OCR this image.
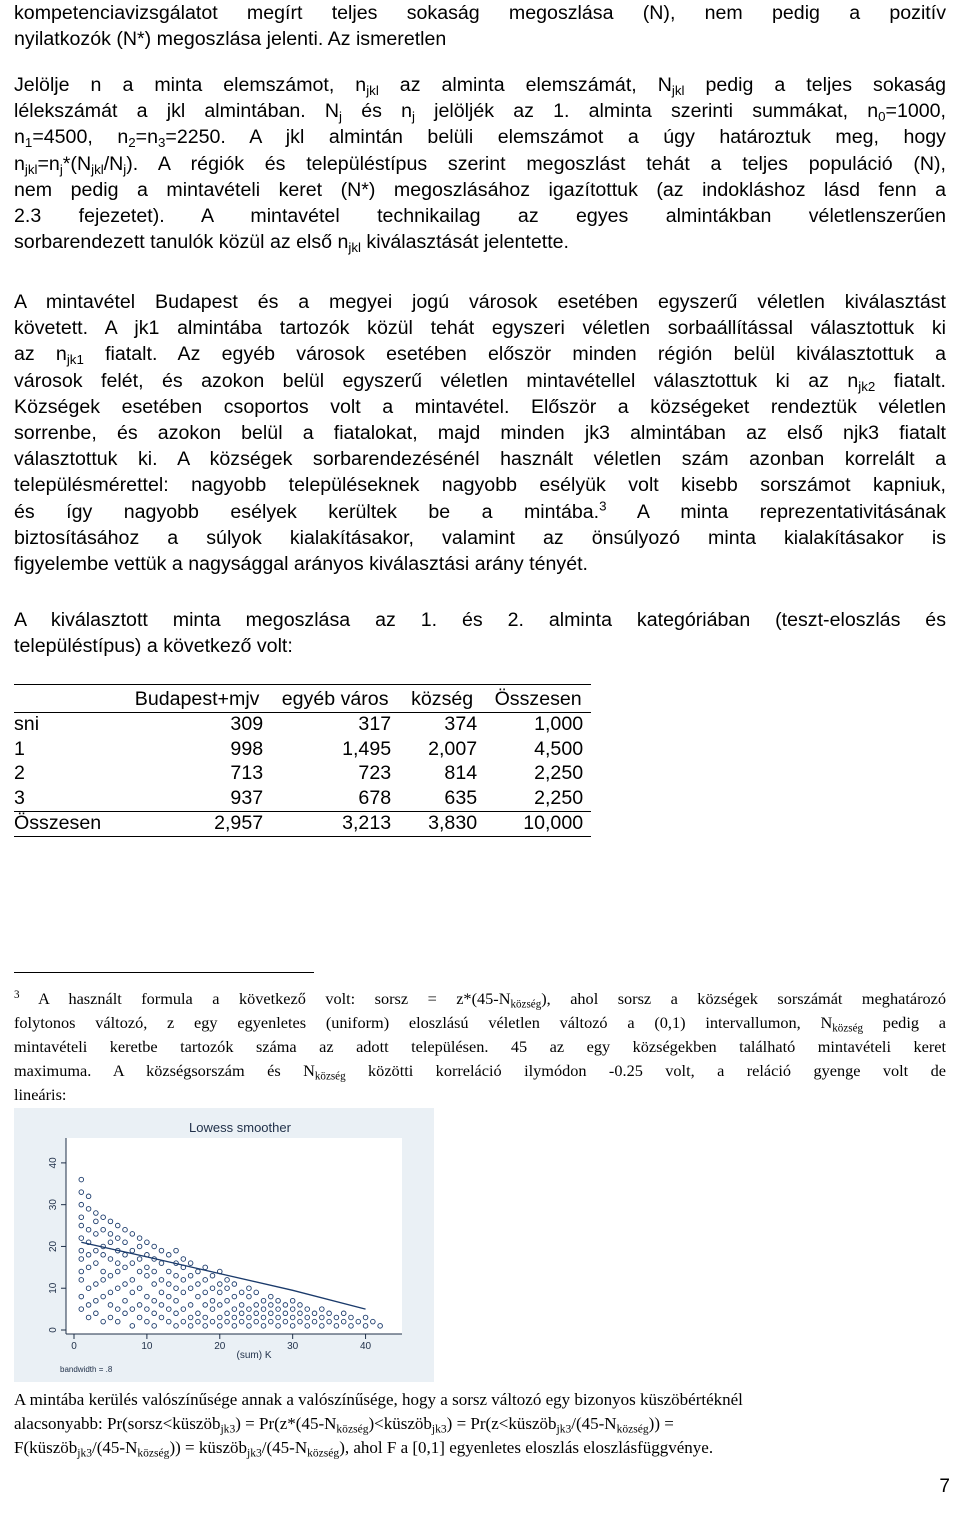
kompetenciavizsgálatot megírt teljes sokaság megoszlása (N), nem pedig a pozitív
nyilatkozók (N*) megoszlása jelenti. Az ismeretlen
Jelölje n a minta elemszámot, $n_{jkl}$ az alminta elemszámát, $N_{jkl}$ pedig a teljes sokaság
lélekszámát a jkl almintában. $N_j$ és $n_j$ jelöljék az 1. alminta szerinti summákat, $n_0=1000$,
$n_1=4500$, $n_2=n_3=2250$. A jkl almintán belüli elemszámot a úgy határoztuk meg, hogy
$n_{jkl}=n_j*(N_{jkl}/N_j)$. A régiók és településtípus szerint megoszlást tehát a teljes populáció (N),
nem pedig a mintavételi keret (N*) megoszlásához igazítottuk (az indokláshoz lásd fenn a
2.3 fejezetet). A mintavétel technikailag az egyes almintákban véletlenszerűen
sorbarendezett tanulók közül az első $n_{jkl}$ kiválasztását jelentette.
A mintavétel Budapest és a megyei jogú városok esetében egyszerű véletlen kiválasztást
követett. A jk1 almintába tartozók közül tehát egyszeri véletlen sorbaállítással választottuk ki
az $n_{jk1}$ fiatalt. Az egyéb városok esetében először minden régión belül kiválasztottuk a
városok felét, és azokon belül egyszerű véletlen mintavétellel választottuk ki az $n_{jk2}$ fiatalt.
Községek esetében csoportos volt a mintavétel. Először a községeket rendeztük véletlen
sorrenbe, és azokon belül a fiatalokat, majd minden jk3 almintában az első njk3 fiatalt
választottuk ki. A községek sorbarendezésénél használt véletlen szám azonban korrelált a
településmérettel: nagyobb településeknek nagyobb esélyük volt kisebb sorszámot kapniuk,
és így nagyobb esélyek kerültek be a mintába.$^3$ A minta reprezentativitásának
biztosításához a súlyok kialakításakor, valamint az önsúlyozó minta kialakításakor is
figyelembe vettük a nagysággal arányos kiválasztási arány tényét.
A kiválasztott minta megoszlása az 1. és 2. alminta kategóriában (teszt-eloszlás és
településtípus) a következő volt:

	Budapest+mjv	egyéb város	község	Összesen
sni	309	317	374	1,000
1	998	1,495	2,007	4,500
2	713	723	814	2,250
3	937	678	635	2,250
Összesen	2,957	3,213	3,830	10,000
$^3$ A használt formula a következő volt: sorsz = $z*(45-N_{község})$, ahol sorsz a községek sorszámát meghatározó
folytonos változó, z egy egyenletes (uniform) eloszlású véletlen változó a (0,1) intervallumon, $N_{község}$ pedig a
mintavételi keretbe tartozók száma az adott településen. 45 az egy községekben található mintavételi keret
maximuma. A községsorszám és $N_{község}$ közötti korreláció ilymódon -0.25 volt, a reláció gyenge volt de
lineáris:
Lowess smoother
0
10
20
30
40
0	10	20	30	40
(sum) K
bandwidth = .8
A mintába kerülés valószínűsége annak a valószínűsége, hogy a sorsz változó egy bizonyos küszöbértéknél
alacsonyabb: Pr(sorsz<küszöb$_{jk3}$) = $Pr(z*(45-N_{község})<küszöb_{jk3})$ = $Pr(z<küszöb_{jk3}/(45-N_{község}))$ =
$F(küszöb_{jk3}/(45-N_{község}))$ = $küszöb_{jk3}/(45-N_{község})$, ahol F a [0,1] egyenletes eloszlás eloszlásfüggvénye.
7
